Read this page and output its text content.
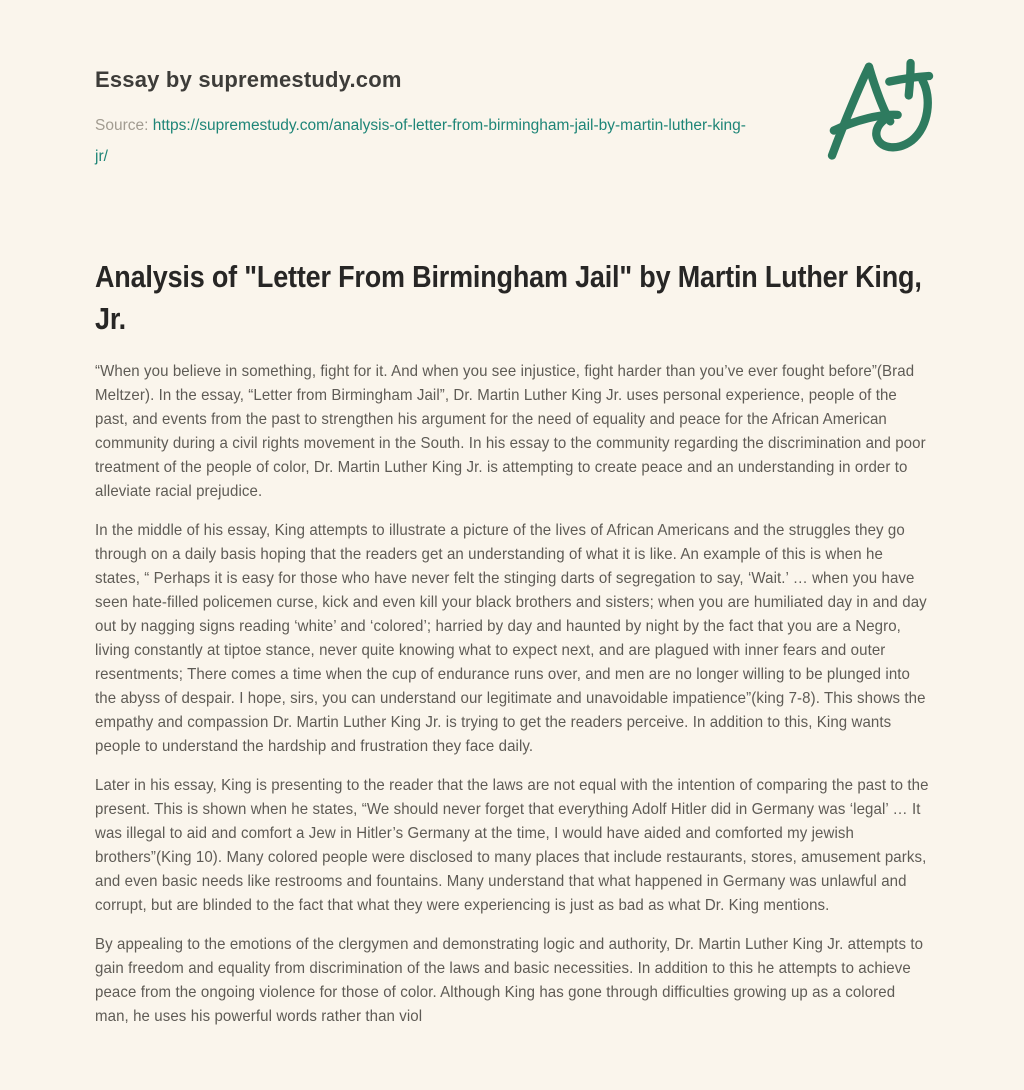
Essay by supremestudy.com

Source: https://supremestudy.com/analysis-of-letter-from-birmingham-jail-by-martin-luther-king-jr/

Analysis of "Letter From Birmingham Jail" by Martin Luther King, Jr.

“When you believe in something, fight for it. And when you see injustice, fight harder than you’ve ever fought before”(Brad Meltzer). In the essay, “Letter from Birmingham Jail”, Dr. Martin Luther King Jr. uses personal experience, people of the past, and events from the past to strengthen his argument for the need of equality and peace for the African American community during a civil rights movement in the South. In his essay to the community regarding the discrimination and poor treatment of the people of color, Dr. Martin Luther King Jr. is attempting to create peace and an understanding in order to alleviate racial prejudice.

In the middle of his essay, King attempts to illustrate a picture of the lives of African Americans and the struggles they go through on a daily basis hoping that the readers get an understanding of what it is like. An example of this is when he states, “ Perhaps it is easy for those who have never felt the stinging darts of segregation to say, ‘Wait.’ … when you have seen hate-filled policemen curse, kick and even kill your black brothers and sisters; when you are humiliated day in and day out by nagging signs reading ‘white’ and ‘colored’; harried by day and haunted by night by the fact that you are a Negro, living constantly at tiptoe stance, never quite knowing what to expect next, and are plagued with inner fears and outer resentments; There comes a time when the cup of endurance runs over, and men are no longer willing to be plunged into the abyss of despair. I hope, sirs, you can understand our legitimate and unavoidable impatience”(king 7-8). This shows the empathy and compassion Dr. Martin Luther King Jr. is trying to get the readers perceive. In addition to this, King wants people to understand the hardship and frustration they face daily.

Later in his essay, King is presenting to the reader that the laws are not equal with the intention of comparing the past to the present. This is shown when he states, “We should never forget that everything Adolf Hitler did in Germany was ‘legal’ … It was illegal to aid and comfort a Jew in Hitler’s Germany at the time, I would have aided and comforted my jewish brothers”(King 10). Many colored people were disclosed to many places that include restaurants, stores, amusement parks, and even basic needs like restrooms and fountains. Many understand that what happened in Germany was unlawful and corrupt, but are blinded to the fact that what they were experiencing is just as bad as what Dr. King mentions.

By appealing to the emotions of the clergymen and demonstrating logic and authority, Dr. Martin Luther King Jr. attempts to gain freedom and equality from discrimination of the laws and basic necessities. In addition to this he attempts to achieve peace from the ongoing violence for those of color. Although King has gone through difficulties growing up as a colored man, he uses his powerful words rather than viol
